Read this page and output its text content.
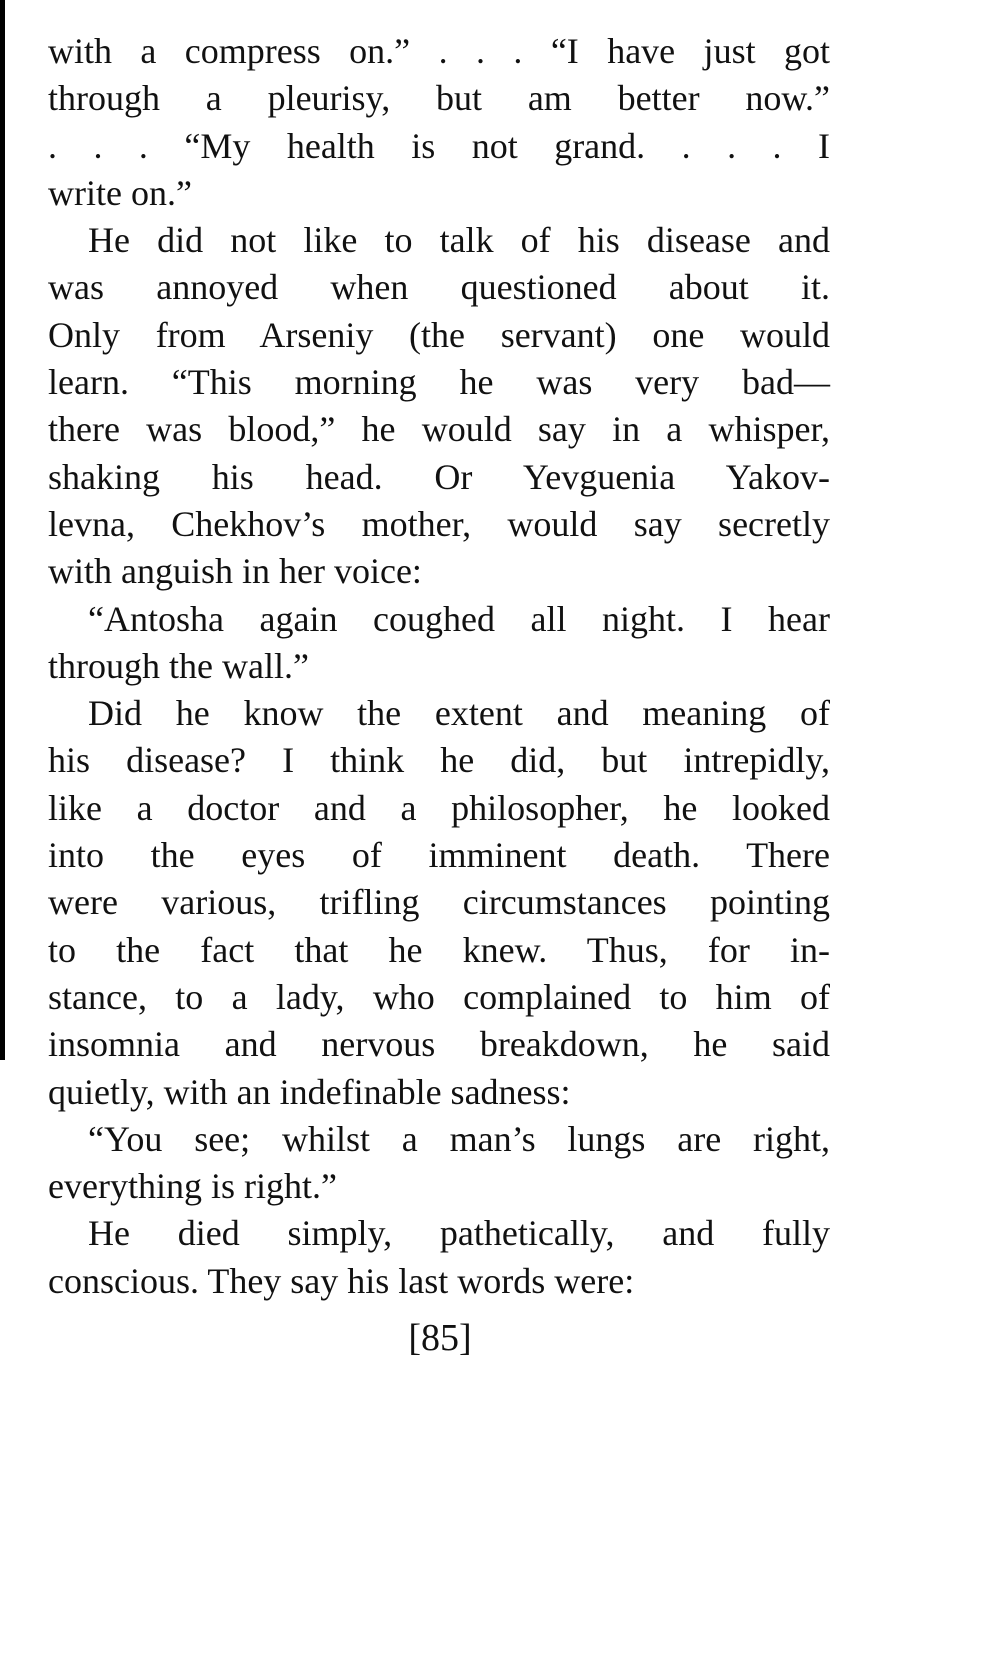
with a compress on.” . . . “I have just got
through a pleurisy, but am better now.”
. . . “My health is not grand. . . . I
write on.”
He did not like to talk of his disease and
was annoyed when questioned about it.
Only from Arseniy (the servant) one would
learn. “This morning he was very bad—
there was blood,” he would say in a whisper,
shaking his head. Or Yevguenia Yakov-
levna, Chekhov’s mother, would say secretly
with anguish in her voice:
“Antosha again coughed all night. I hear
through the wall.”
Did he know the extent and meaning of
his disease? I think he did, but intrepidly,
like a doctor and a philosopher, he looked
into the eyes of imminent death. There
were various, trifling circumstances pointing
to the fact that he knew. Thus, for in-
stance, to a lady, who complained to him of
insomnia and nervous breakdown, he said
quietly, with an indefinable sadness:
“You see; whilst a man’s lungs are right,
everything is right.”
He died simply, pathetically, and fully
conscious. They say his last words were:
[85]
